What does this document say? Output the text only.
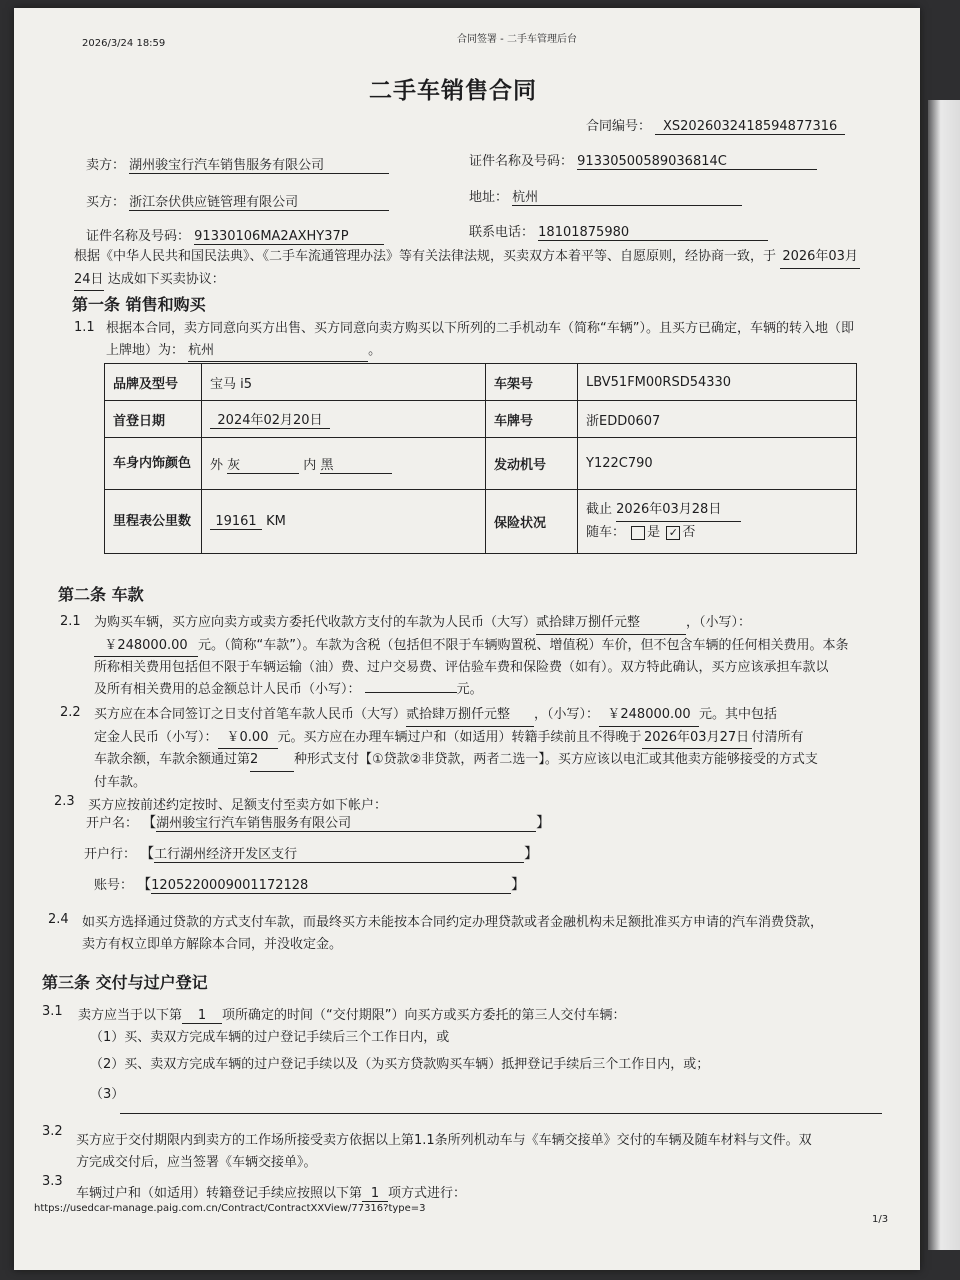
2026/3/24 18:59	合同签署 - 二手车管理后台
二手车销售合同
合同编号： XS2026032418594877316
卖方： 湖州骏宝行汽车销售服务有限公司	证件名称及号码： 91330500589036814C
买方： 浙江奈伏供应链管理有限公司	地址： 杭州
证件名称及号码： 91330106MA2AXHY37P	联系电话： 18101875980
根据《中华人民共和国民法典》、《二手车流通管理办法》等有关法律法规，买卖双方本着平等、自愿原则，经协商一致，于 2026年03月
24日 达成如下买卖协议：
第一条 销售和购买
1.1 根据本合同，卖方同意向买方出售、买方同意向卖方购买以下所列的二手机动车（简称“车辆”）。且买方已确定，车辆的转入地（即
上牌地）为： 杭州	。
品牌及型号	宝马 i5	车架号	LBV51FM00RSD54330
首登日期	2024年02月20日	车牌号	浙EDD0607
车身内饰颜色	外 灰 内 黑	发动机号	Y122C790
里程表公里数	19161 KM	保险状况	截止 2026年03月28日
随车： 是 ✓ 否
第二条 车款
2.1 为购买车辆，买方应向卖方或卖方委托代收款方支付的车款为人民币（大写）贰拾肆万捌仟元整	，（小写）：
￥248000.00 元。（简称“车款”）。车款为含税（包括但不限于车辆购置税、增值税）车价，但不包含车辆的任何相关费用。本条
所称相关费用包括但不限于车辆运输（油）费、过户交易费、评估验车费和保险费（如有）。双方特此确认，买方应该承担车款以
及所有相关费用的总金额总计人民币（小写）：	元。
2.2 买方应在本合同签订之日支付首笔车款人民币（大写）贰拾肆万捌仟元整 ，（小写）： ￥248000.00 元。其中包括
定金人民币（小写）： ￥0.00 元。买方应在办理车辆过户和（如适用）转籍手续前且不得晚于 2026年03月27日 付清所有
车款余额，车款余额通过第2	种形式支付【①贷款②非贷款，两者二选一】。买方应该以电汇或其他卖方能够接受的方式支
付车款。
2.3 买方应按前述约定按时、足额支付至卖方如下帐户：
开户名： 【湖州骏宝行汽车销售服务有限公司	】
开户行： 【工行湖州经济开发区支行	】
账号： 【1205220009001172128	】
2.4 如买方选择通过贷款的方式支付车款，而最终买方未能按本合同约定办理贷款或者金融机构未足额批准买方申请的汽车消费贷款，
卖方有权立即单方解除本合同，并没收定金。
第三条 交付与过户登记
3.1 卖方应当于以下第 1 项所确定的时间（“交付期限”）向买方或买方委托的第三人交付车辆：
（1）买、卖双方完成车辆的过户登记手续后三个工作日内，或
（2）买、卖双方完成车辆的过户登记手续以及（为买方贷款购买车辆）抵押登记手续后三个工作日内，或；
（3）
3.2
买方应于交付期限内到卖方的工作场所接受卖方依据以上第1.1条所列机动车与《车辆交接单》交付的车辆及随车材料与文件。双
方完成交付后，应当签署《车辆交接单》。
3.3
车辆过户和（如适用）转籍登记手续应按照以下第 1 项方式进行：
https://usedcar-manage.paig.com.cn/Contract/ContractXXView/77316?type=3
1/3
